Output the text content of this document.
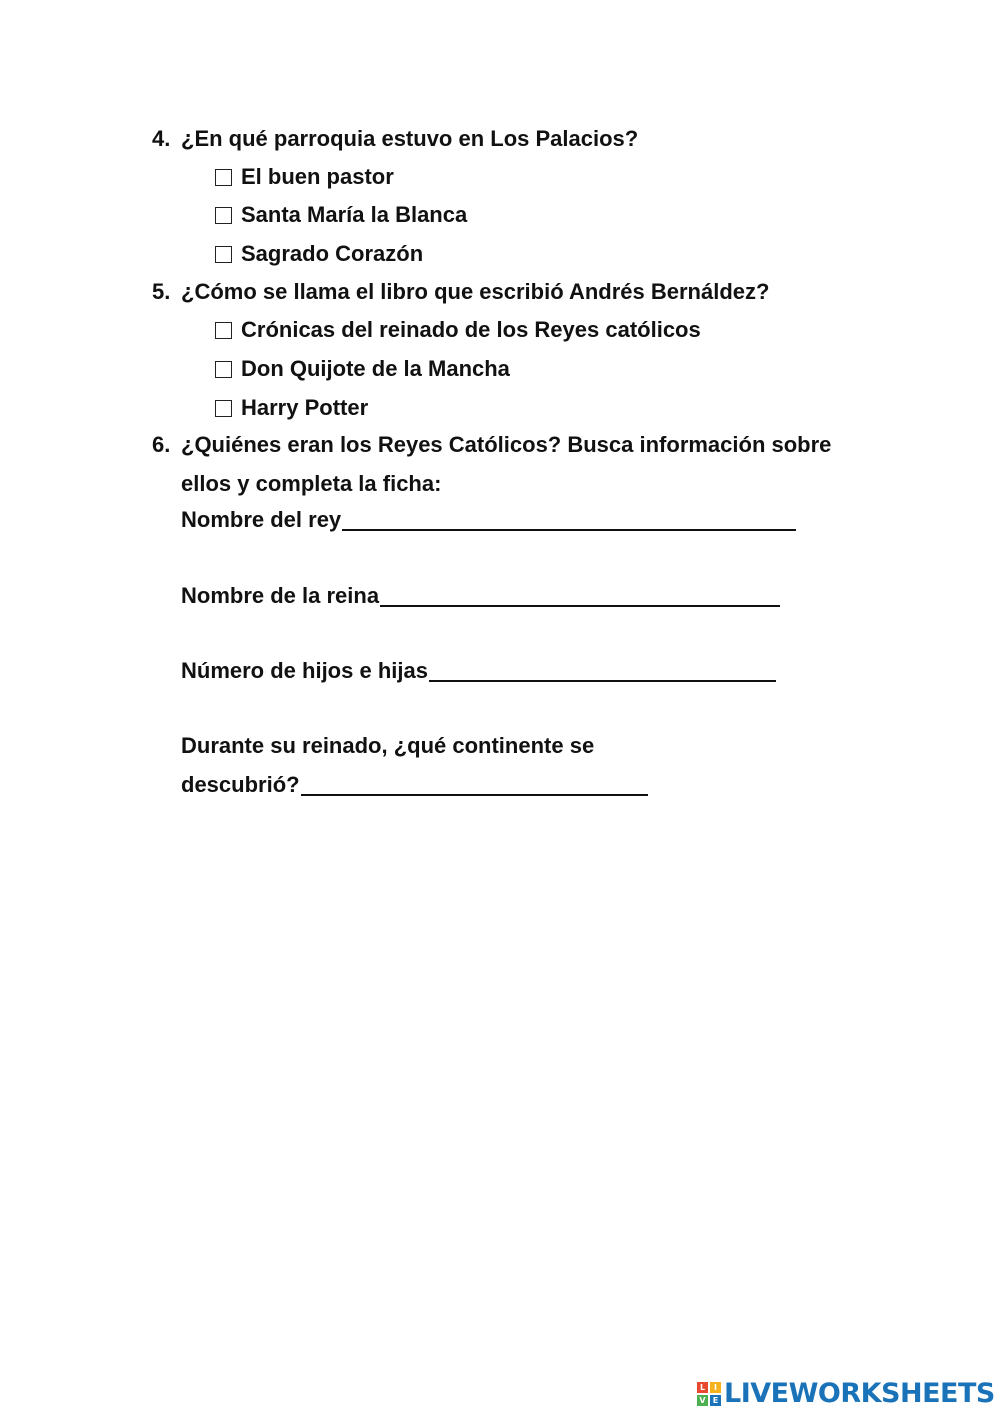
4. ¿En qué parroquia estuvo en Los Palacios?
El buen pastor
Santa María la Blanca
Sagrado Corazón
5. ¿Cómo se llama el libro que escribió Andrés Bernáldez?
Crónicas del reinado de los Reyes católicos
Don Quijote de la Mancha
Harry Potter
6. ¿Quiénes eran los Reyes Católicos? Busca información sobre
ellos y completa la ficha:
Nombre del rey
Nombre de la reina
Número de hijos e hijas
Durante su reinado, ¿qué continente se
descubrió?
L	I
V E LIVEWORKSHEETS
